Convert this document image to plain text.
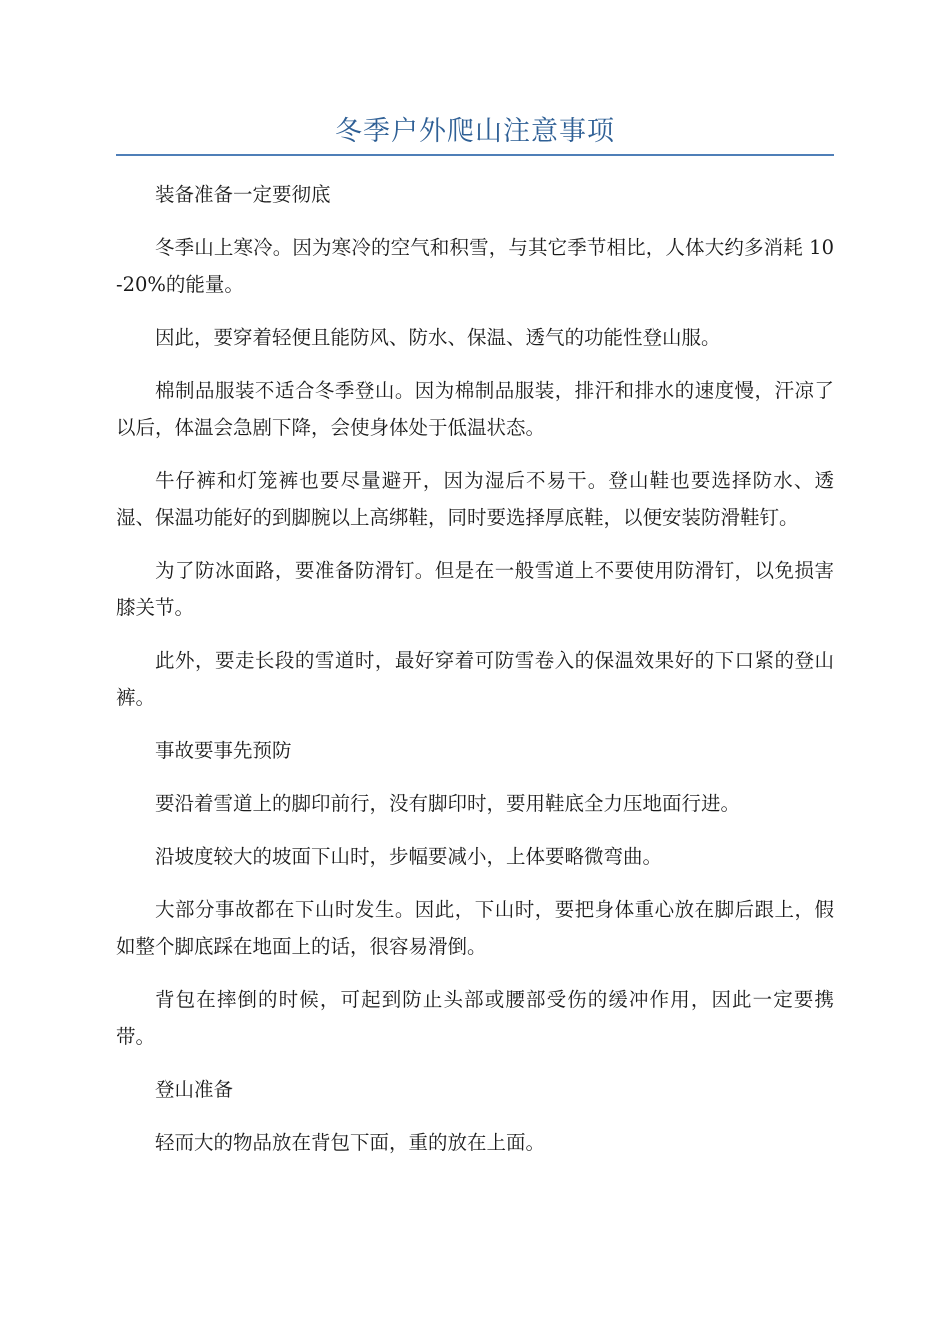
冬季户外爬山注意事项

装备准备一定要彻底

冬季山上寒冷。因为寒冷的空气和积雪，与其它季节相比，人体大约多消耗 10-20%的能量。

因此，要穿着轻便且能防风、防水、保温、透气的功能性登山服。

棉制品服装不适合冬季登山。因为棉制品服装，排汗和排水的速度慢，汗凉了以后，体温会急剧下降，会使身体处于低温状态。

牛仔裤和灯笼裤也要尽量避开，因为湿后不易干。登山鞋也要选择防水、透湿、保温功能好的到脚腕以上高绑鞋，同时要选择厚底鞋，以便安装防滑鞋钉。

为了防冰面路，要准备防滑钉。但是在一般雪道上不要使用防滑钉，以免损害膝关节。

此外，要走长段的雪道时，最好穿着可防雪卷入的保温效果好的下口紧的登山裤。

事故要事先预防

要沿着雪道上的脚印前行，没有脚印时，要用鞋底全力压地面行进。

沿坡度较大的坡面下山时，步幅要减小，上体要略微弯曲。

大部分事故都在下山时发生。因此，下山时，要把身体重心放在脚后跟上，假如整个脚底踩在地面上的话，很容易滑倒。

背包在摔倒的时候，可起到防止头部或腰部受伤的缓冲作用，因此一定要携带。

登山准备

轻而大的物品放在背包下面，重的放在上面。
